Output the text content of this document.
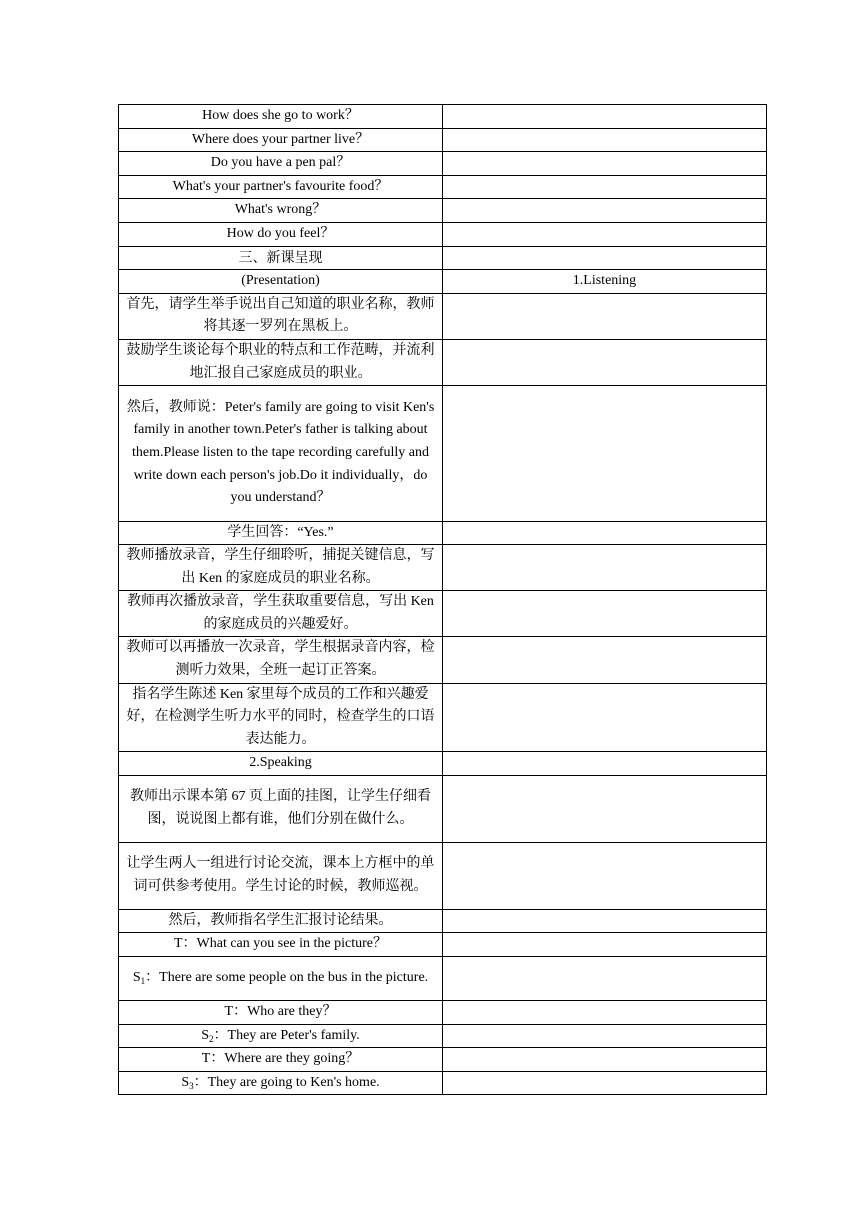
How does she go to work？	
Where does your partner live？	
Do you have a pen pal？	
What's your partner's favourite food？	
What's wrong？	
How do you feel？	
三、新课呈现	
(Presentation)	1.Listening
首先，请学生举手说出自己知道的职业名称，教师将其逐一罗列在黑板上。	
鼓励学生谈论每个职业的特点和工作范畴，并流利地汇报自己家庭成员的职业。	
然后，教师说：Peter's family are going to visit Ken's family in another town.Peter's father is talking about them.Please listen to the tape recording carefully and write down each person's job.Do it individually，do you understand？	
学生回答：“Yes.”	
教师播放录音，学生仔细聆听，捕捉关键信息，写出 Ken 的家庭成员的职业名称。	
教师再次播放录音，学生获取重要信息，写出 Ken 的家庭成员的兴趣爱好。	
教师可以再播放一次录音，学生根据录音内容，检测听力效果，全班一起订正答案。	
指名学生陈述 Ken 家里每个成员的工作和兴趣爱好，在检测学生听力水平的同时，检查学生的口语表达能力。	
2.Speaking	
教师出示课本第 67 页上面的挂图，让学生仔细看图，说说图上都有谁，他们分别在做什么。	
让学生两人一组进行讨论交流，课本上方框中的单词可供参考使用。学生讨论的时候，教师巡视。	
然后，教师指名学生汇报讨论结果。	
T：What can you see in the picture？	
$S_1$：There are some people on the bus in the picture.	
T：Who are they？	
$S_2$：They are Peter's family.	
T：Where are they going？	
$S_3$：They are going to Ken's home.	
